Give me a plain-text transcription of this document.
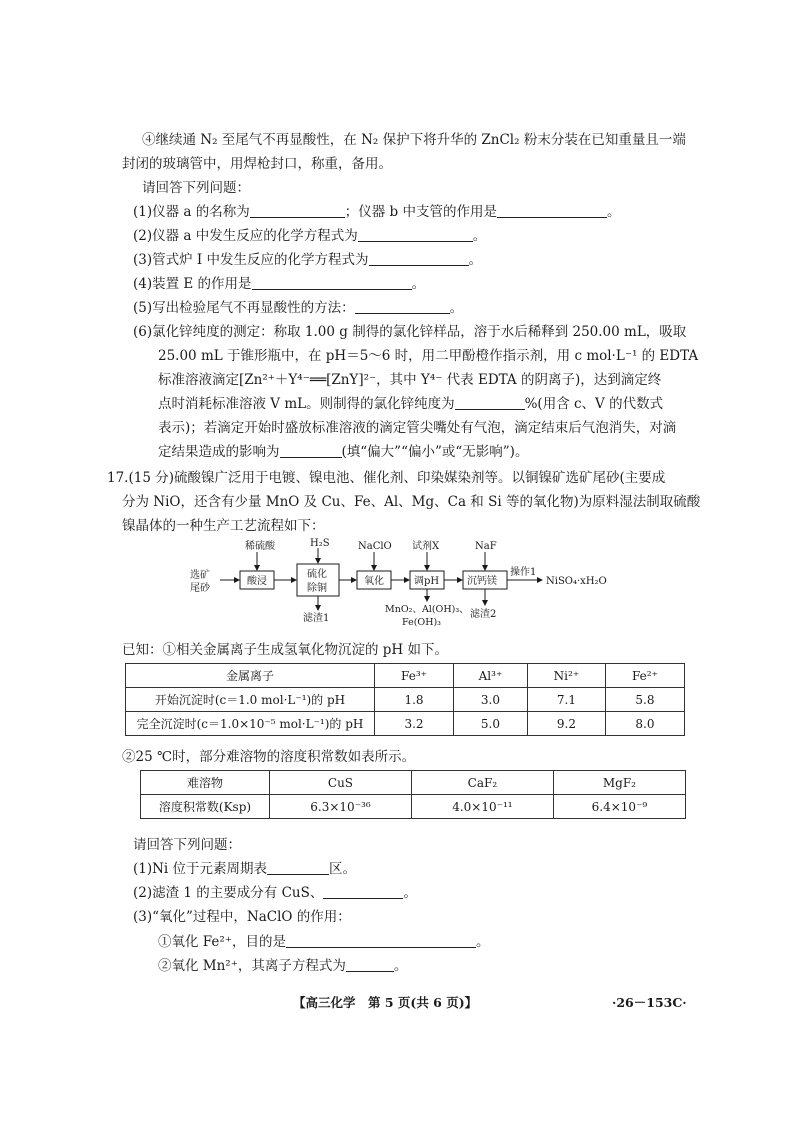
④继续通 N₂ 至尾气不再显酸性，在 N₂ 保护下将升华的 ZnCl₂ 粉末分装在已知重量且一端
封闭的玻璃管中，用焊枪封口，称重，备用。
请回答下列问题：
(1)仪器 a 的名称为	；仪器 b 中支管的作用是	。
(2)仪器 a 中发生反应的化学方程式为	。
(3)管式炉 Ⅰ 中发生反应的化学方程式为	。
(4)装置 E 的作用是	。
(5)写出检验尾气不再显酸性的方法：	。
(6)氯化锌纯度的测定：称取 1.00 g 制得的氯化锌样品，溶于水后稀释到 250.00 mL，吸取
25.00 mL 于锥形瓶中，在 pH＝5～6 时，用二甲酚橙作指示剂，用 c mol·L⁻¹ 的 EDTA
标准溶液滴定[Zn²⁺＋Y⁴⁻══[ZnY]²⁻，其中 Y⁴⁻ 代表 EDTA 的阴离子)，达到滴定终
点时消耗标准溶液 V mL。则制得的氯化锌纯度为	%(用含 c、V 的代数式
表示)；若滴定开始时盛放标准溶液的滴定管尖嘴处有气泡，滴定结束后气泡消失，对滴
定结果造成的影响为	(填“偏大”“偏小”或“无影响”)。
17.(15 分)硫酸镍广泛用于电镀、镍电池、催化剂、印染媒染剂等。以铜镍矿选矿尾砂(主要成
分为 NiO，还含有少量 MnO 及 Cu、Fe、Al、Mg、Ca 和 Si 等的氧化物)为原料湿法制取硫酸
镍晶体的一种生产工艺流程如下：
选矿
尾砂
酸浸
硫化
除铜
氧化	调pH	沉钙镁
稀硫酸	H₂S	NaClO 试剂X	NaF
滤渣1
MnO₂、Al(OH)₃、
Fe(OH)₃
滤渣2
操作1
NiSO₄·xH₂O
已知：①相关金属离子生成氢氧化物沉淀的 pH 如下。
金属离子	Fe³⁺	Al³⁺	Ni²⁺	Fe²⁺
开始沉淀时(c＝1.0 mol·L⁻¹)的 pH	1.8	3.0	7.1	5.8
完全沉淀时(c＝1.0×10⁻⁵ mol·L⁻¹)的 pH	3.2	5.0	9.2	8.0
②25 ℃时，部分难溶物的溶度积常数如表所示。
难溶物	CuS	CaF₂	MgF₂
溶度积常数(Ksp)	6.3×10⁻³⁶	4.0×10⁻¹¹	6.4×10⁻⁹
请回答下列问题：
(1)Ni 位于元素周期表	区。
(2)滤渣 1 的主要成分有 CuS、	。
(3)“氧化”过程中，NaClO 的作用：
①氧化 Fe²⁺，目的是	。
②氧化 Mn²⁺，其离子方程式为	。
【高三化学　第 5 页(共 6 页)】	·26－153C·
